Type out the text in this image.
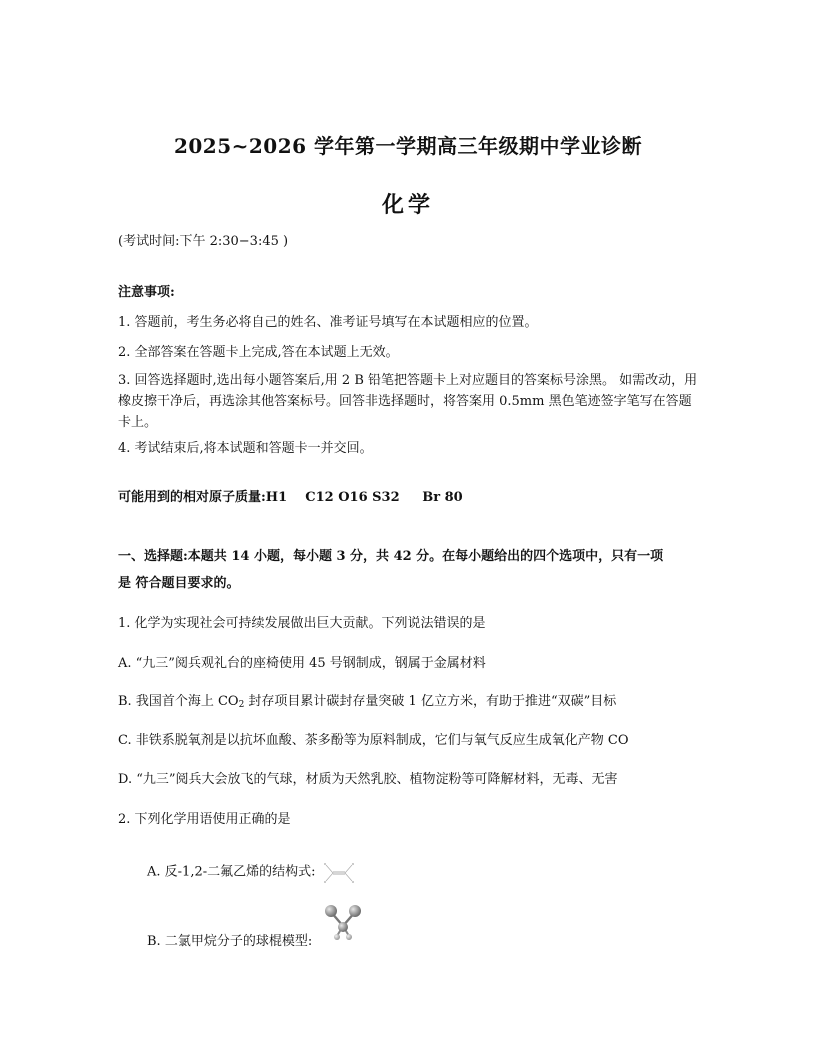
2025~2026 学年第一学期高三年级期中学业诊断
化学
(考试时间:下午 2:30−3:45 )
注意事项:
1. 答题前，考生务必将自己的姓名、准考证号填写在本试题相应的位置。
2. 全部答案在答题卡上完成,答在本试题上无效。
3. 回答选择题时,选出每小题答案后,用 2 B 铅笔把答题卡上对应题目的答案标号涂黑。 如需改动，用橡皮擦干净后，再选涂其他答案标号。回答非选择题时，将答案用 0.5mm 黑色笔迹签字笔写在答题卡上。
4. 考试结束后,将本试题和答题卡一并交回。
可能用到的相对原子质量:H1    C12 O16 S32     Br 80
一、选择题:本题共 14 小题，每小题 3 分，共 42 分。在每小题给出的四个选项中，只有一项
是 符合题目要求的。
1. 化学为实现社会可持续发展做出巨大贡献。下列说法错误的是
A. “九三”阅兵观礼台的座椅使用 45 号钢制成，钢属于金属材料
B. 我国首个海上 $CO_2$ 封存项目累计碳封存量突破 1 亿立方米，有助于推进“双碳”目标
C. 非铁系脱氧剂是以抗坏血酸、茶多酚等为原料制成，它们与氧气反应生成氧化产物 CO
D. “九三”阅兵大会放飞的气球，材质为天然乳胶、植物淀粉等可降解材料，无毒、无害
2. 下列化学用语使用正确的是
A. 反-1,2-二氟乙烯的结构式:
B. 二氯甲烷分子的球棍模型:
